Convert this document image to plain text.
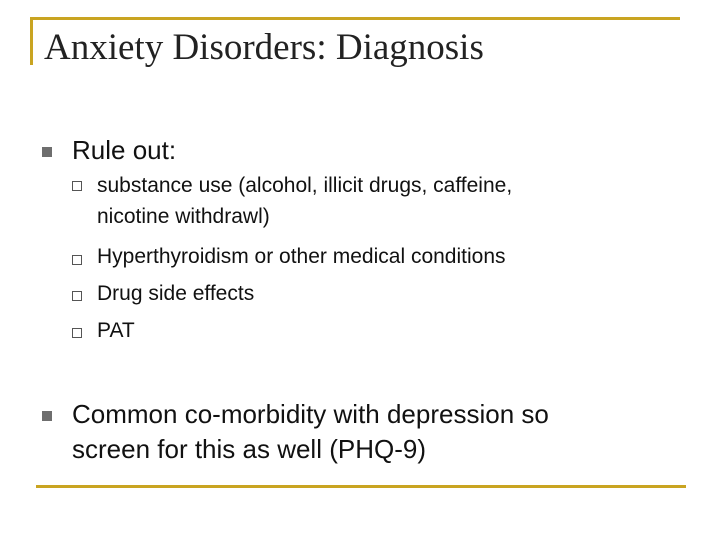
Anxiety Disorders: Diagnosis
Rule out:
substance use (alcohol, illicit drugs, caffeine,
nicotine withdrawl)
Hyperthyroidism or other medical conditions
Drug side effects
PAT
Common co-morbidity with depression so
screen for this as well (PHQ-9)
